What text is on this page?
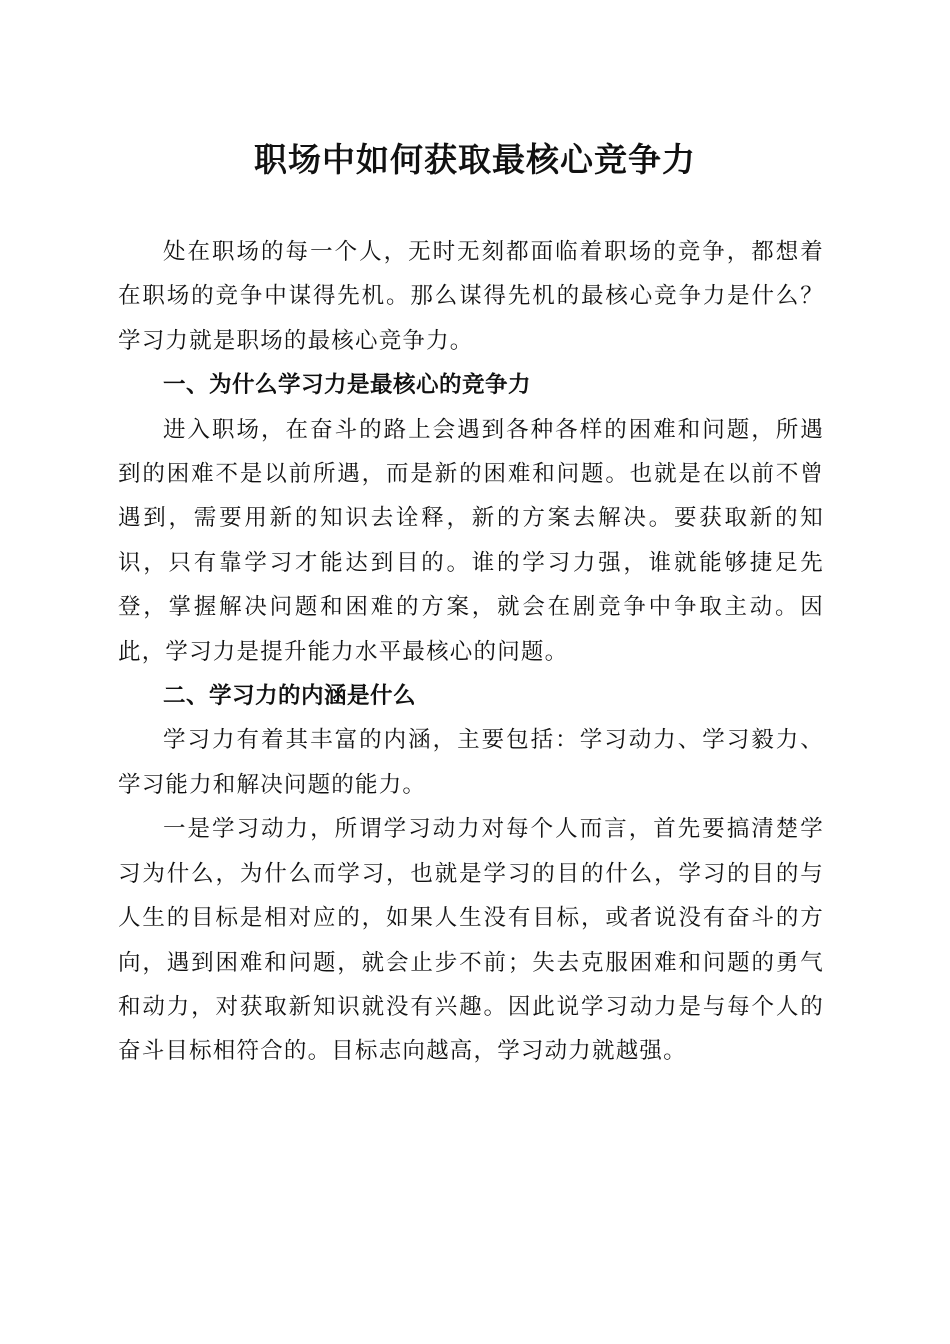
职场中如何获取最核心竞争力

处在职场的每一个人，无时无刻都面临着职场的竞争，都想着在职场的竞争中谋得先机。那么谋得先机的最核心竞争力是什么？学习力就是职场的最核心竞争力。

一、为什么学习力是最核心的竞争力

进入职场，在奋斗的路上会遇到各种各样的困难和问题，所遇到的困难不是以前所遇，而是新的困难和问题。也就是在以前不曾遇到，需要用新的知识去诠释，新的方案去解决。要获取新的知识，只有靠学习才能达到目的。谁的学习力强，谁就能够捷足先登，掌握解决问题和困难的方案，就会在剧竞争中争取主动。因此，学习力是提升能力水平最核心的问题。

二、学习力的内涵是什么

学习力有着其丰富的内涵，主要包括：学习动力、学习毅力、学习能力和解决问题的能力。

一是学习动力，所谓学习动力对每个人而言，首先要搞清楚学习为什么，为什么而学习，也就是学习的目的什么，学习的目的与人生的目标是相对应的，如果人生没有目标，或者说没有奋斗的方向，遇到困难和问题，就会止步不前；失去克服困难和问题的勇气和动力，对获取新知识就没有兴趣。因此说学习动力是与每个人的奋斗目标相符合的。目标志向越高，学习动力就越强。
